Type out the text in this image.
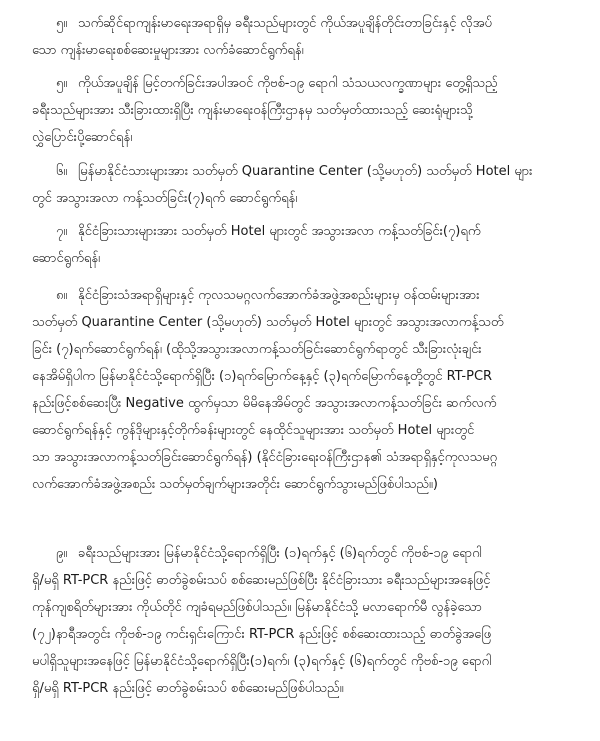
၅။ သက်ဆိုင်ရာကျန်းမာရေးအရာရှိမှ ခရီးသည်များတွင် ကိုယ်အပူချိန်တိုင်းတာခြင်းနှင့် လိုအပ်
သော ကျန်းမာရေးစစ်ဆေးမှုများအား လက်ခံဆောင်ရွက်ရန်၊
၅။ ကိုယ်အပူချိန် မြင့်တက်ခြင်းအပါအဝင် ကိုဗစ်-၁၉ ရောဂါ သံသယလက္ခဏာများ တွေ့ရှိသည့်
ခရီးသည်များအား သီးခြားထားရှိပြီး ကျန်းမာရေးဝန်ကြီးဌာနမှ သတ်မှတ်ထားသည့် ဆေးရုံများသို့
လွှဲပြောင်းပို့ဆောင်ရန်၊
၆။ မြန်မာနိုင်ငံသားများအား သတ်မှတ် Quarantine Center (သို့မဟုတ်) သတ်မှတ် Hotel များ
တွင် အသွားအလာ ကန့်သတ်ခြင်း(၇)ရက် ဆောင်ရွက်ရန်၊
၇။ နိုင်ငံခြားသားများအား သတ်မှတ် Hotel များတွင် အသွားအလာ ကန့်သတ်ခြင်း(၇)ရက်
ဆောင်ရွက်ရန်၊
၈။ နိုင်ငံခြားသံအရာရှိများနှင့် ကုလသမဂ္ဂလက်အောက်ခံအဖွဲ့အစည်းများမှ ဝန်ထမ်းများအား
သတ်မှတ် Quarantine Center (သို့မဟုတ်) သတ်မှတ် Hotel များတွင် အသွားအလာကန့်သတ်
ခြင်း (၇)ရက်ဆောင်ရွက်ရန်၊ (ထိုသို့အသွားအလာကန့်သတ်ခြင်းဆောင်ရွက်ရာတွင် သီးခြားလုံးချင်း
နေအိမ်ရှိပါက မြန်မာနိုင်ငံသို့ရောက်ရှိပြီး (၁)ရက်မြောက်နေ့နှင့် (၃)ရက်မြောက်နေ့တို့တွင် RT-PCR
နည်းဖြင့်စစ်ဆေးပြီး Negative ထွက်မှသာ မိမိနေအိမ်တွင် အသွားအလာကန့်သတ်ခြင်း ဆက်လက်
ဆောင်ရွက်ရန်နှင့် ကွန်ဒိုများနှင့်တိုက်ခန်းများတွင် နေထိုင်သူများအား သတ်မှတ် Hotel များတွင်
သာ အသွားအလာကန့်သတ်ခြင်းဆောင်ရွက်ရန်) (နိုင်ငံခြားရေးဝန်ကြီးဌာန၏ သံအရာရှိနှင့်ကုလသမဂ္ဂ
လက်အောက်ခံအဖွဲ့အစည်း သတ်မှတ်ချက်များအတိုင်း ဆောင်ရွက်သွားမည်ဖြစ်ပါသည်။)
၉။ ခရီးသည်များအား မြန်မာနိုင်ငံသို့ရောက်ရှိပြီး (၁)ရက်နှင့် (၆)ရက်တွင် ကိုဗစ်-၁၉ ရောဂါ
ရှိ/မရှိ RT-PCR နည်းဖြင့် ဓာတ်ခွဲစမ်းသပ် စစ်ဆေးမည်ဖြစ်ပြီး နိုင်ငံခြားသား ခရီးသည်များအနေဖြင့်
ကုန်ကျစရိတ်များအား ကိုယ်တိုင် ကျခံရမည်ဖြစ်ပါသည်။ မြန်မာနိုင်ငံသို့ မလာရောက်မီ လွန်ခဲ့သော
(၇၂)နာရီအတွင်း ကိုဗစ်-၁၉ ကင်းရှင်းကြောင်း RT-PCR နည်းဖြင့် စစ်ဆေးထားသည့် ဓာတ်ခွဲအဖြေ
မပါရှိသူများအနေဖြင့် မြန်မာနိုင်ငံသို့ရောက်ရှိပြီး(၁)ရက်၊ (၃)ရက်နှင့် (၆)ရက်တွင် ကိုဗစ်-၁၉ ရောဂါ
ရှိ/မရှိ RT-PCR နည်းဖြင့် ဓာတ်ခွဲစမ်းသပ် စစ်ဆေးမည်ဖြစ်ပါသည်။
